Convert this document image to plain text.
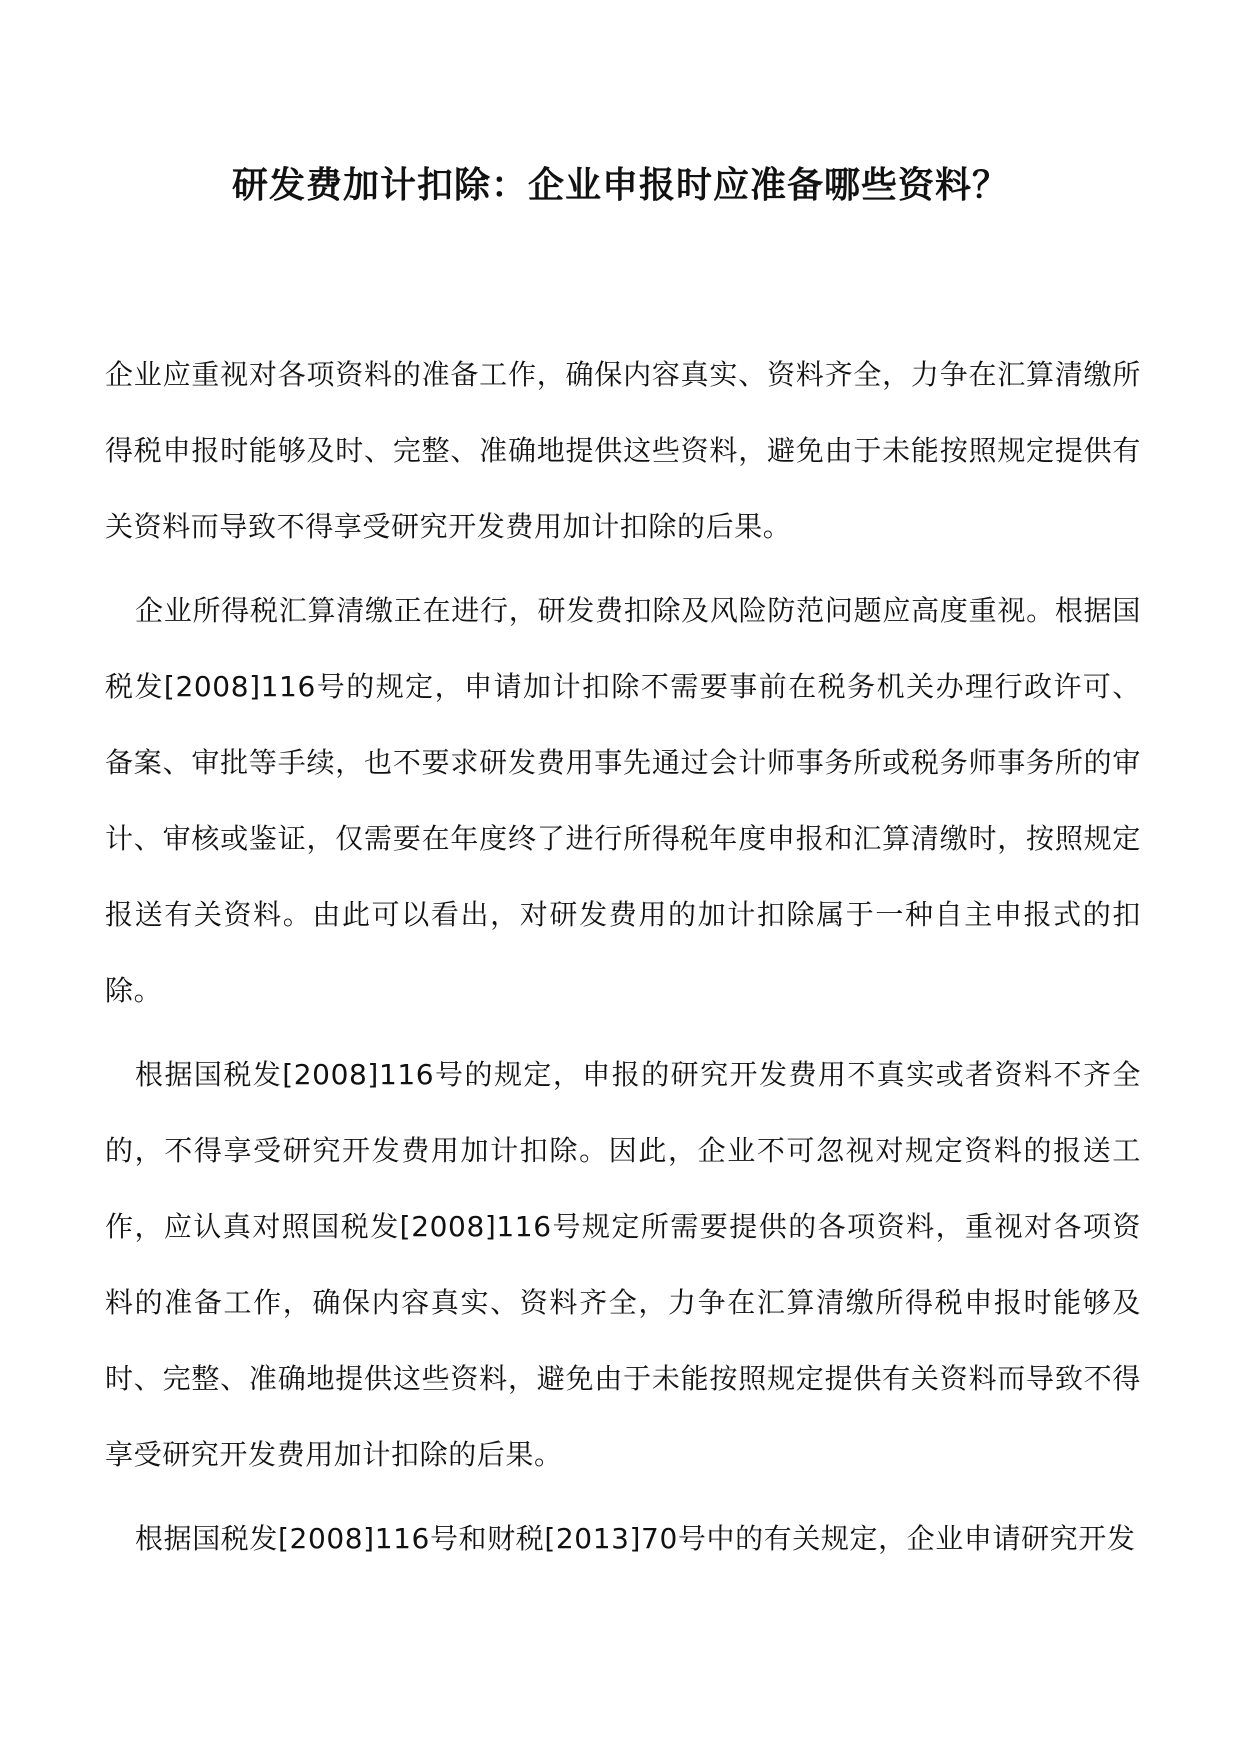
研发费加计扣除：企业申报时应准备哪些资料？

企业应重视对各项资料的准备工作，确保内容真实、资料齐全，力争在汇算清缴所得税申报时能够及时、完整、准确地提供这些资料，避免由于未能按照规定提供有关资料而导致不得享受研究开发费用加计扣除的后果。

企业所得税汇算清缴正在进行，研发费扣除及风险防范问题应高度重视。根据国税发[2008]116号的规定，申请加计扣除不需要事前在税务机关办理行政许可、备案、审批等手续，也不要求研发费用事先通过会计师事务所或税务师事务所的审计、审核或鉴证，仅需要在年度终了进行所得税年度申报和汇算清缴时，按照规定报送有关资料。由此可以看出，对研发费用的加计扣除属于一种自主申报式的扣除。

根据国税发[2008]116号的规定，申报的研究开发费用不真实或者资料不齐全的，不得享受研究开发费用加计扣除。因此，企业不可忽视对规定资料的报送工作，应认真对照国税发[2008]116号规定所需要提供的各项资料，重视对各项资料的准备工作，确保内容真实、资料齐全，力争在汇算清缴所得税申报时能够及时、完整、准确地提供这些资料，避免由于未能按照规定提供有关资料而导致不得享受研究开发费用加计扣除的后果。

根据国税发[2008]116号和财税[2013]70号中的有关规定，企业申请研究开发
